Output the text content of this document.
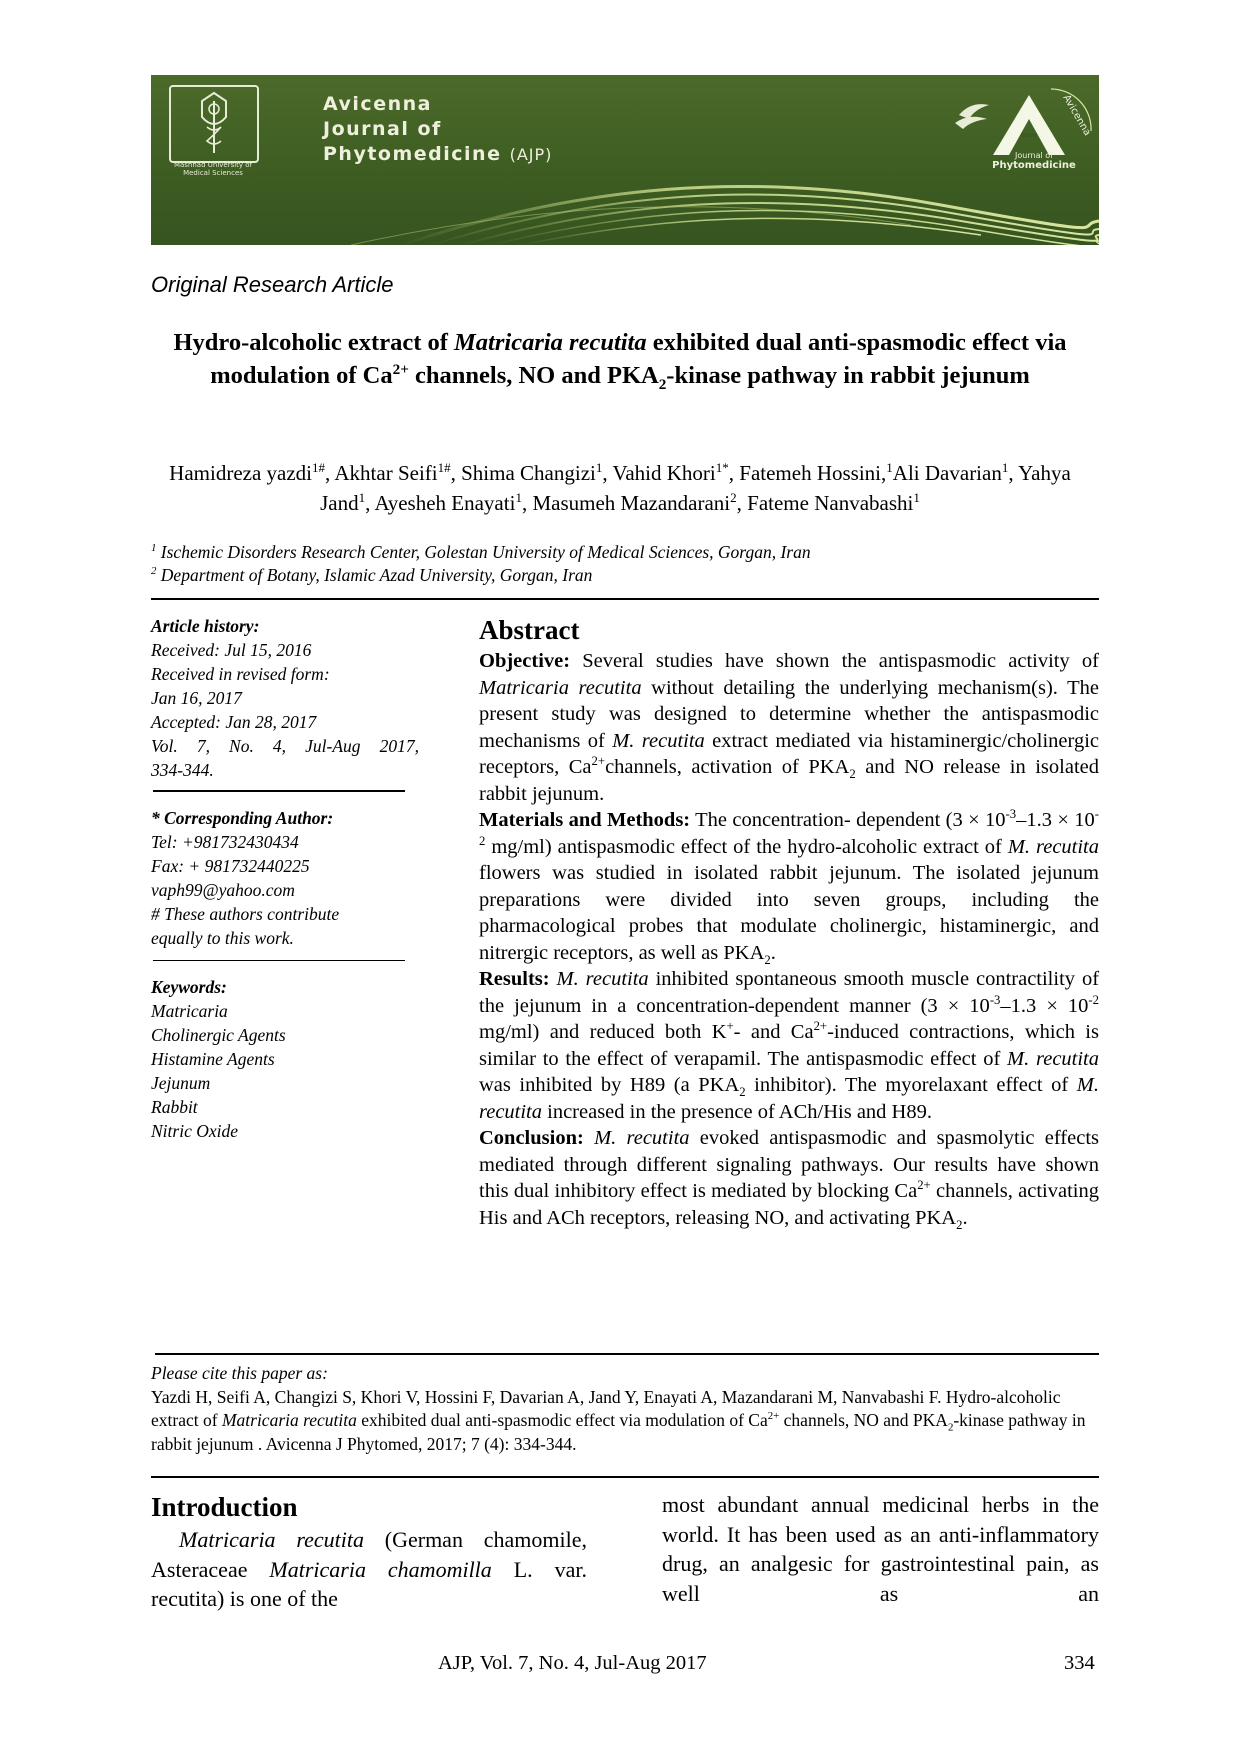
Avicenna
Mashhad University of Medical Sciences
Avicenna
Journal of
Phytomedicine (AJP)	Journal of
Phytomedicine
Original Research Article
Hydro-alcoholic extract of Matricaria recutita exhibited dual anti-spasmodic effect via modulation of $Ca^{2+}$ channels, NO and $PKA_2$-kinase pathway in rabbit jejunum
Hamidreza yazdi$^{1\#}$, Akhtar Seifi$^{1\#}$, Shima Changizi$^1$, Vahid Khori$^{1*}$, Fatemeh Hossini,$^1$Ali Davarian$^1$, Yahya Jand$^1$, Ayesheh Enayati$^1$, Masumeh Mazandarani$^2$, Fateme Nanvabashi$^1$
$^1$ Ischemic Disorders Research Center, Golestan University of Medical Sciences, Gorgan, Iran
$^2$ Department of Botany, Islamic Azad University, Gorgan, Iran
Article history:
Received: Jul 15, 2016
Received in revised form:
Jan 16, 2017
Accepted: Jan 28, 2017
Vol. 7, No. 4, Jul-Aug 2017,
334-344.
* Corresponding Author:
Tel: +981732430434
Fax: + 981732440225
vaph99@yahoo.com
# These authors contribute
equally to this work.
Keywords:
Matricaria
Cholinergic Agents
Histamine Agents
Jejunum
Rabbit
Nitric Oxide
Abstract

Objective: Several studies have shown the antispasmodic activity of Matricaria recutita without detailing the underlying mechanism(s). The present study was designed to determine whether the antispasmodic mechanisms of M. recutita extract mediated via histaminergic/cholinergic receptors, $Ca^{2+}channels$, activation of $PKA_2$ and NO release in isolated rabbit jejunum.

Materials and Methods: The concentration- dependent ($3 \times 10^{-3}-1.3 \times 10^{-2}$ mg/ml) antispasmodic effect of the hydro-alcoholic extract of M. recutita flowers was studied in isolated rabbit jejunum. The isolated jejunum preparations were divided into seven groups, including the pharmacological probes that modulate cholinergic, histaminergic, and nitrergic receptors, as well as $PKA_2$.

Results: M. recutita inhibited spontaneous smooth muscle contractility of the jejunum in a concentration-dependent manner ($3 \times 10^{-3}-1.3 \times 10^{-2}$ mg/ml) and reduced both K+- and $Ca^{2+}$-induced contractions, which is similar to the effect of verapamil. The antispasmodic effect of M. recutita was inhibited by H89 (a $PKA_2$ inhibitor). The myorelaxant effect of M. recutita increased in the presence of ACh/His and H89.

Conclusion: M. recutita evoked antispasmodic and spasmolytic effects mediated through different signaling pathways. Our results have shown this dual inhibitory effect is mediated by blocking $Ca^{2+}$ channels, activating His and ACh receptors, releasing NO, and activating $PKA_2$.

Please cite this paper as:
Yazdi H, Seifi A, Changizi S, Khori V, Hossini F, Davarian A, Jand Y, Enayati A, Mazandarani M, Nanvabashi F. Hydro-alcoholic extract of Matricaria recutita exhibited dual anti-spasmodic effect via modulation of $Ca^{2+}$ channels, NO and $PKA_2$-kinase pathway in rabbit jejunum . Avicenna J Phytomed, 2017; 7 (4): 334-344.
Introduction
Matricaria recutita (German chamomile, Asteraceae Matricaria chamomilla L. var. recutita) is one of the
most abundant annual medicinal herbs in the world. It has been used as an anti-inflammatory drug, an analgesic for gastrointestinal pain, as well as an
AJP, Vol. 7, No. 4, Jul-Aug 2017	334
